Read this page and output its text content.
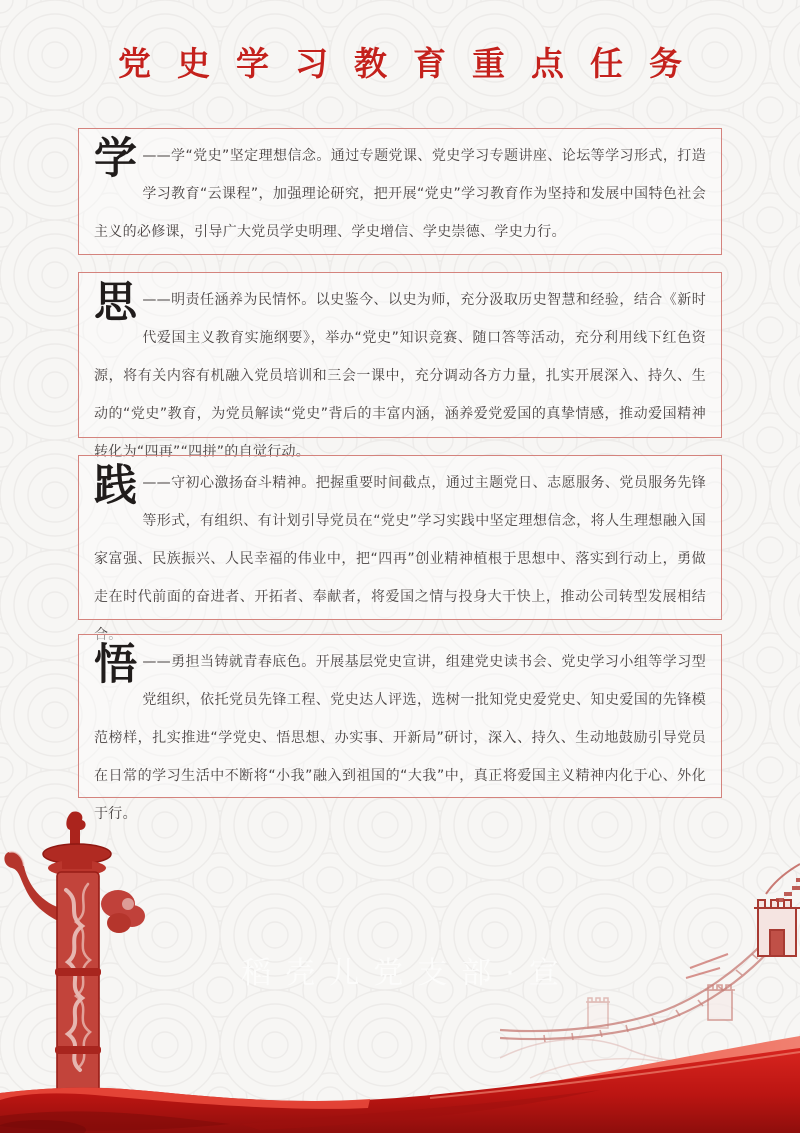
党史学习教育重点任务

学 ——学“党史”坚定理想信念。通过专题党课、党史学习专题讲座、论坛等学习形式，打造学习教育“云课程”，加强理论研究，把开展“党史”学习教育作为坚持和发展中国特色社会主义的必修课，引导广大党员学史明理、学史增信、学史崇德、学史力行。

思 ——明责任涵养为民情怀。以史鉴今、以史为师，充分汲取历史智慧和经验，结合《新时代爱国主义教育实施纲要》，举办“党史”知识竞赛、随口答等活动，充分利用线下红色资源，将有关内容有机融入党员培训和三会一课中，充分调动各方力量，扎实开展深入、持久、生动的“党史”教育，为党员解读“党史”背后的丰富内涵，涵养爱党爱国的真挚情感，推动爱国精神转化为“四再”“四拼”的自觉行动。

践 ——守初心激扬奋斗精神。把握重要时间截点，通过主题党日、志愿服务、党员服务先锋等形式，有组织、有计划引导党员在“党史”学习实践中坚定理想信念，将人生理想融入国家富强、民族振兴、人民幸福的伟业中，把“四再”创业精神植根于思想中、落实到行动上，勇做走在时代前面的奋进者、开拓者、奉献者，将爱国之情与投身大干快上，推动公司转型发展相结合。

悟 ——勇担当铸就青春底色。开展基层党史宣讲，组建党史读书会、党史学习小组等学习型党组织，依托党员先锋工程、党史达人评选，选树一批知党史爱党史、知史爱国的先锋模范榜样，扎实推进“学党史、悟思想、办实事、开新局”研讨，深入、持久、生动地鼓励引导党员在日常的学习生活中不断将“小我”融入到祖国的“大我”中，真正将爱国主义精神内化于心、外化于行。

稻壳儿党支部·宣
